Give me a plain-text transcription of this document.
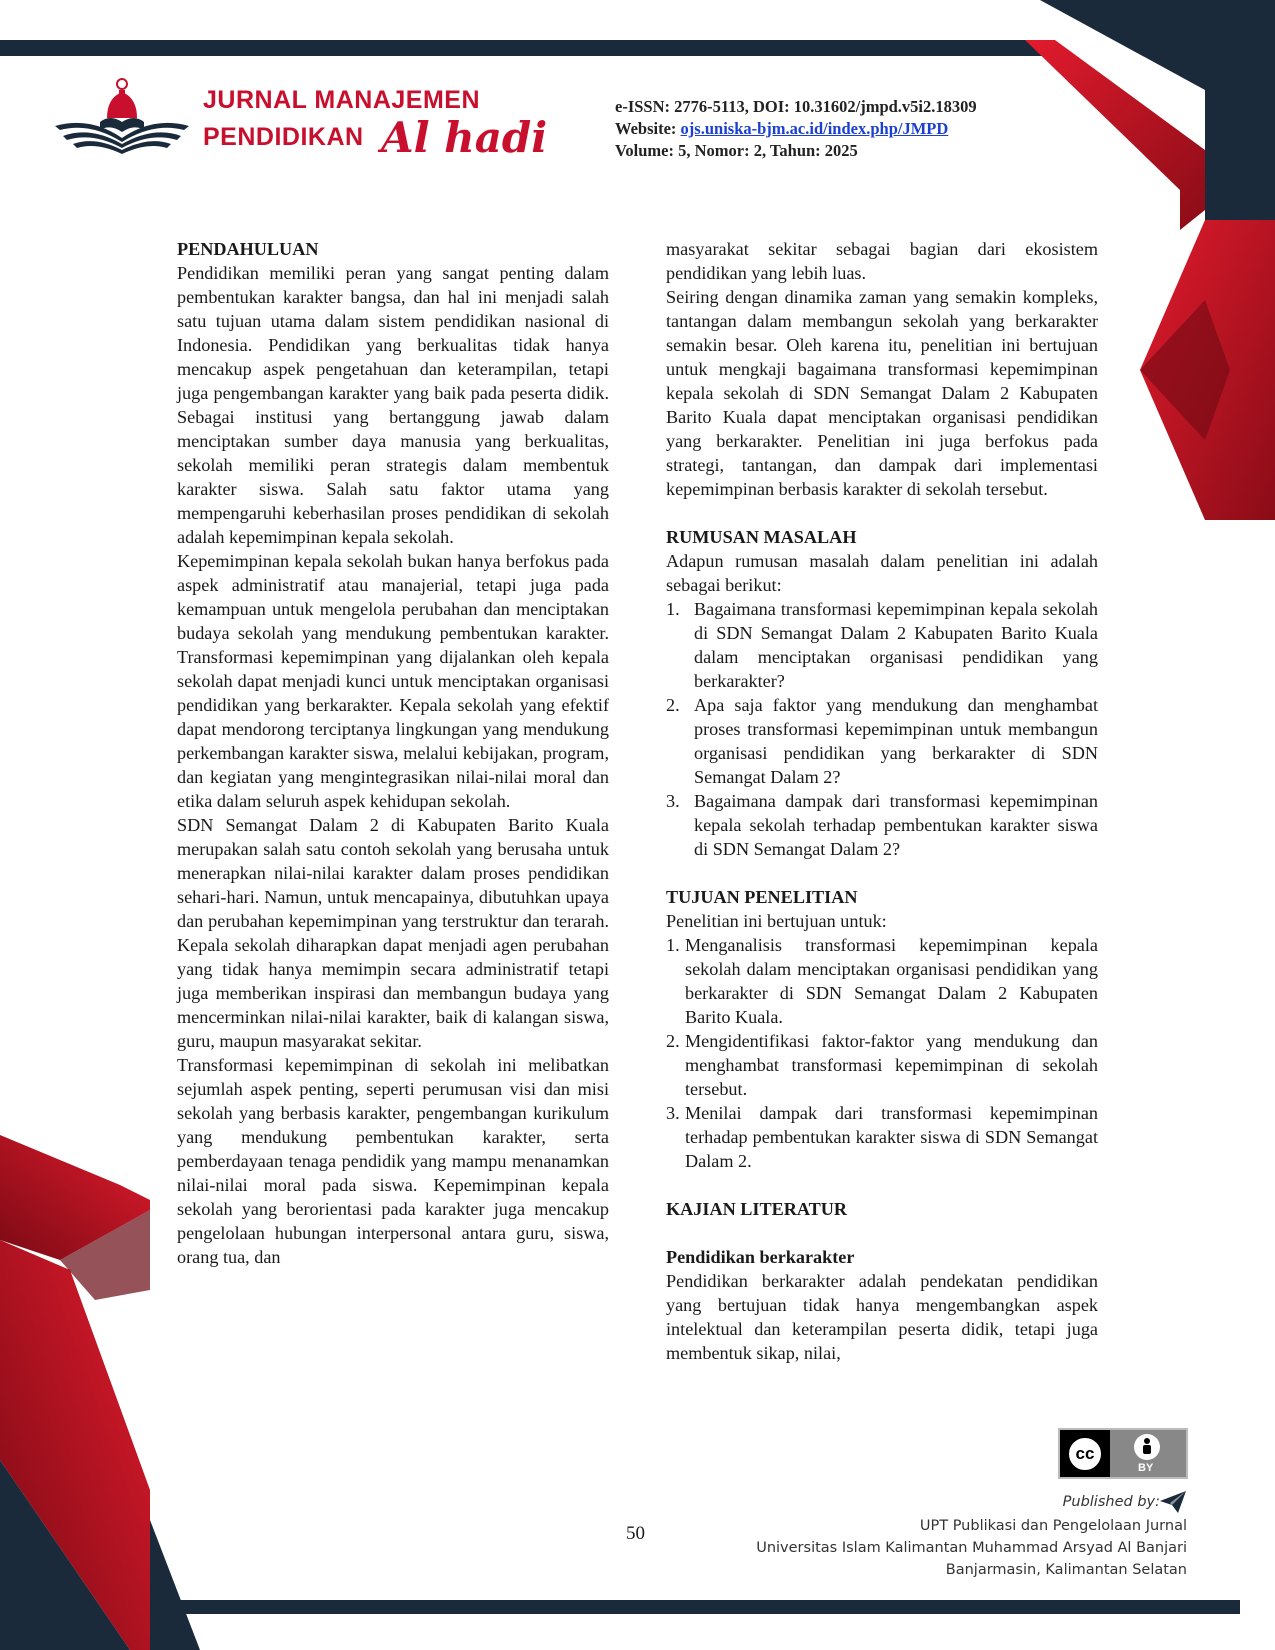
JURNAL MANAJEMEN
PENDIDIKAN Al hadi
e-ISSN: 2776-5113, DOI: 10.31602/jmpd.v5i2.18309
Website: ojs.uniska-bjm.ac.id/index.php/JMPD
Volume: 5, Nomor: 2, Tahun: 2025

PENDAHULUAN

Pendidikan memiliki peran yang sangat penting dalam pembentukan karakter bangsa, dan hal ini menjadi salah satu tujuan utama dalam sistem pendidikan nasional di Indonesia. Pendidikan yang berkualitas tidak hanya mencakup aspek pengetahuan dan keterampilan, tetapi juga pengembangan karakter yang baik pada peserta didik. Sebagai institusi yang bertanggung jawab dalam menciptakan sumber daya manusia yang berkualitas, sekolah memiliki peran strategis dalam membentuk karakter siswa. Salah satu faktor utama yang mempengaruhi keberhasilan proses pendidikan di sekolah adalah kepemimpinan kepala sekolah.

Kepemimpinan kepala sekolah bukan hanya berfokus pada aspek administratif atau manajerial, tetapi juga pada kemampuan untuk mengelola perubahan dan menciptakan budaya sekolah yang mendukung pembentukan karakter. Transformasi kepemimpinan yang dijalankan oleh kepala sekolah dapat menjadi kunci untuk menciptakan organisasi pendidikan yang berkarakter. Kepala sekolah yang efektif dapat mendorong terciptanya lingkungan yang mendukung perkembangan karakter siswa, melalui kebijakan, program, dan kegiatan yang mengintegrasikan nilai-nilai moral dan etika dalam seluruh aspek kehidupan sekolah.

SDN Semangat Dalam 2 di Kabupaten Barito Kuala merupakan salah satu contoh sekolah yang berusaha untuk menerapkan nilai-nilai karakter dalam proses pendidikan sehari-hari. Namun, untuk mencapainya, dibutuhkan upaya dan perubahan kepemimpinan yang terstruktur dan terarah. Kepala sekolah diharapkan dapat menjadi agen perubahan yang tidak hanya memimpin secara administratif tetapi juga memberikan inspirasi dan membangun budaya yang mencerminkan nilai-nilai karakter, baik di kalangan siswa, guru, maupun masyarakat sekitar.

Transformasi kepemimpinan di sekolah ini melibatkan sejumlah aspek penting, seperti perumusan visi dan misi sekolah yang berbasis karakter, pengembangan kurikulum yang mendukung pembentukan karakter, serta pemberdayaan tenaga pendidik yang mampu menanamkan nilai-nilai moral pada siswa. Kepemimpinan kepala sekolah yang berorientasi pada karakter juga mencakup pengelolaan hubungan interpersonal antara guru, siswa, orang tua, dan

masyarakat sekitar sebagai bagian dari ekosistem pendidikan yang lebih luas.

Seiring dengan dinamika zaman yang semakin kompleks, tantangan dalam membangun sekolah yang berkarakter semakin besar. Oleh karena itu, penelitian ini bertujuan untuk mengkaji bagaimana transformasi kepemimpinan kepala sekolah di SDN Semangat Dalam 2 Kabupaten Barito Kuala dapat menciptakan organisasi pendidikan yang berkarakter. Penelitian ini juga berfokus pada strategi, tantangan, dan dampak dari implementasi kepemimpinan berbasis karakter di sekolah tersebut.

RUMUSAN MASALAH

Adapun rumusan masalah dalam penelitian ini adalah sebagai berikut:

1. Bagaimana transformasi kepemimpinan kepala sekolah di SDN Semangat Dalam 2 Kabupaten Barito Kuala dalam menciptakan organisasi pendidikan yang berkarakter?
2. Apa saja faktor yang mendukung dan menghambat proses transformasi kepemimpinan untuk membangun organisasi pendidikan yang berkarakter di SDN Semangat Dalam 2?
3. Bagaimana dampak dari transformasi kepemimpinan kepala sekolah terhadap pembentukan karakter siswa di SDN Semangat Dalam 2?

TUJUAN PENELITIAN

Penelitian ini bertujuan untuk:

1. Menganalisis transformasi kepemimpinan kepala sekolah dalam menciptakan organisasi pendidikan yang berkarakter di SDN Semangat Dalam 2 Kabupaten Barito Kuala.
2. Mengidentifikasi faktor-faktor yang mendukung dan menghambat transformasi kepemimpinan di sekolah tersebut.
3. Menilai dampak dari transformasi kepemimpinan terhadap pembentukan karakter siswa di SDN Semangat Dalam 2.

KAJIAN LITERATUR

Pendidikan berkarakter

Pendidikan berkarakter adalah pendekatan pendidikan yang bertujuan tidak hanya mengembangkan aspek intelektual dan keterampilan peserta didik, tetapi juga membentuk sikap, nilai,

50
cc
BY
Published by:
UPT Publikasi dan Pengelolaan Jurnal
Universitas Islam Kalimantan Muhammad Arsyad Al Banjari
Banjarmasin, Kalimantan Selatan
